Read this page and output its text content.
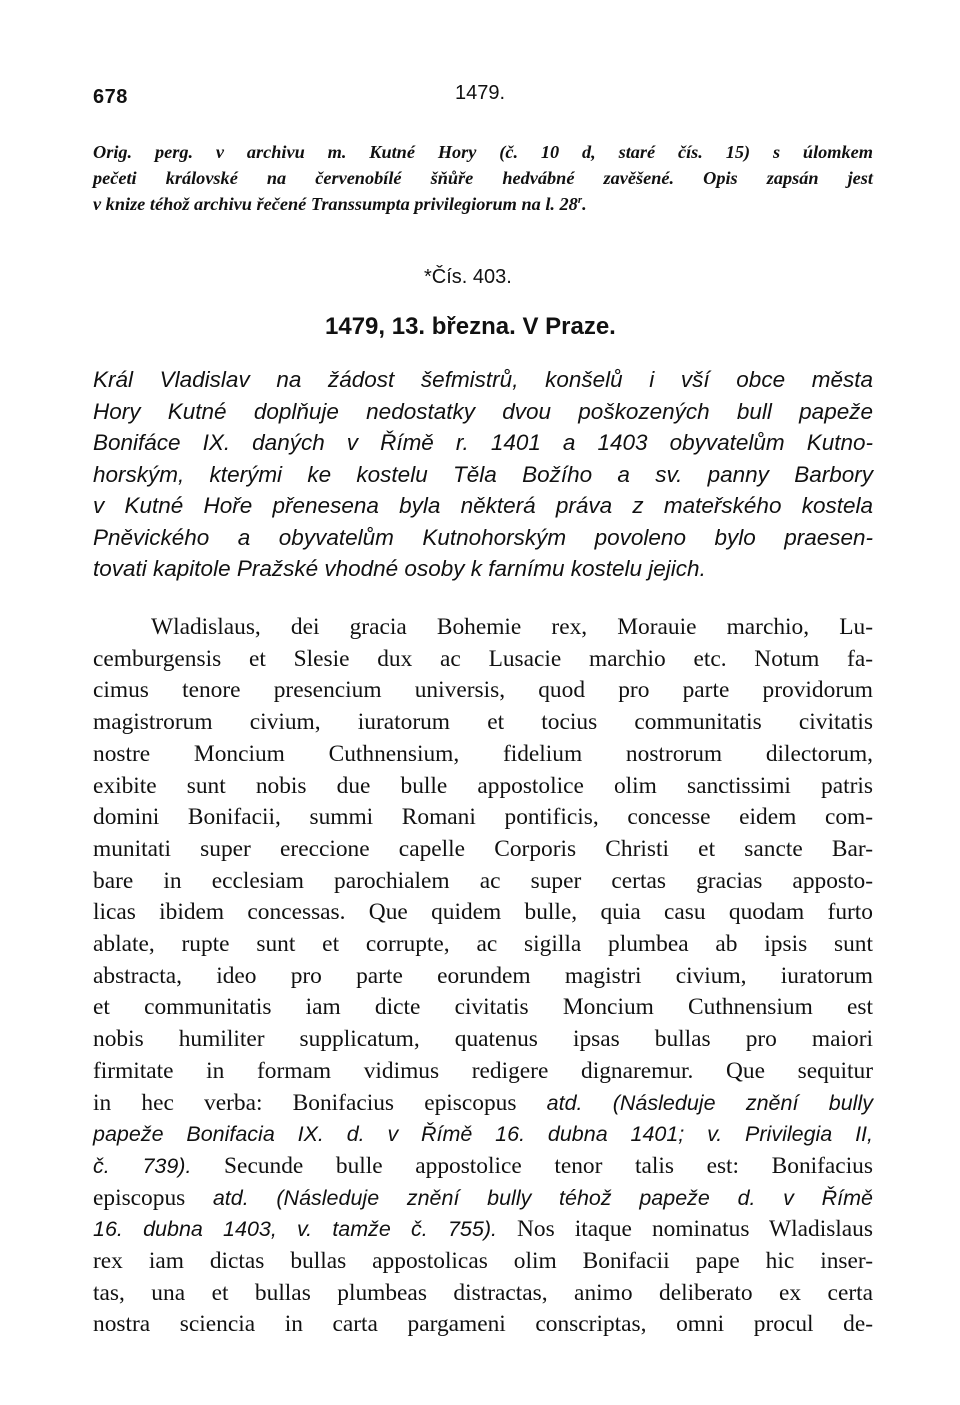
678	1479.
Orig. perg. v archivu m. Kutné Hory (č. 10 d, staré čís. 15) s úlomkem
pečeti královské na červenobílé šňůře hedvábné zavěšené. Opis zapsán jest
v knize téhož archivu řečené Transsumpta privilegiorum na l. 28$^r$.
*Čís. 403.
1479, 13. března. V Praze.
Král Vladislav na žádost šefmistrů, konšelů i vší obce města
Hory Kutné doplňuje nedostatky dvou poškozených bull papeže
Bonifáce IX. daných v Římě r. 1401 a 1403 obyvatelům Kutno-
horským, kterými ke kostelu Těla Božího a sv. panny Barbory
v Kutné Hoře přenesena byla některá práva z mateřského kostela
Pněvického a obyvatelům Kutnohorským povoleno bylo praesen-
tovati kapitole Pražské vhodné osoby k farnímu kostelu jejich.
Wladislaus, dei gracia Bohemie rex, Morauie marchio, Lu-
cemburgensis et Slesie dux ac Lusacie marchio etc. Notum fa-
cimus tenore presencium universis, quod pro parte providorum
magistrorum civium, iuratorum et tocius communitatis civitatis
nostre Moncium Cuthnensium, fidelium nostrorum dilectorum,
exibite sunt nobis due bulle appostolice olim sanctissimi patris
domini Bonifacii, summi Romani pontificis, concesse eidem com-
munitati super ereccione capelle Corporis Christi et sancte Bar-
bare in ecclesiam parochialem ac super certas gracias apposto-
licas ibidem concessas. Que quidem bulle, quia casu quodam furto
ablate, rupte sunt et corrupte, ac sigilla plumbea ab ipsis sunt
abstracta, ideo pro parte eorundem magistri civium, iuratorum
et communitatis iam dicte civitatis Moncium Cuthnensium est
nobis humiliter supplicatum, quatenus ipsas bullas pro maiori
firmitate in formam vidimus redigere dignaremur. Que sequitur
in hec verba: Bonifacius episcopus atd. (Následuje znění bully
papeže Bonifacia IX. d. v Římě 16. dubna 1401; v. Privilegia II,
č. 739). Secunde bulle appostolice tenor talis est: Bonifacius
episcopus atd. (Následuje znění bully téhož papeže d. v Římě
16. dubna 1403, v. tamže č. 755). Nos itaque nominatus Wladislaus
rex iam dictas bullas appostolicas olim Bonifacii pape hic inser-
tas, una et bullas plumbeas distractas, animo deliberato ex certa
nostra sciencia in carta pargameni conscriptas, omni procul de-
